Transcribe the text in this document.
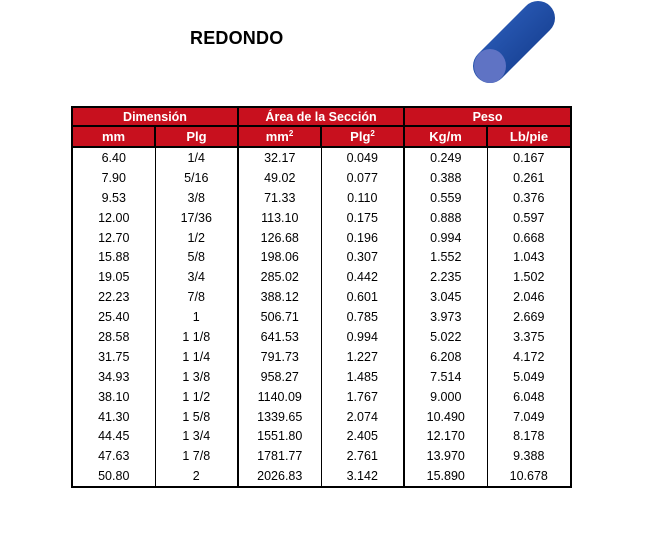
REDONDO
Dimensión		Área de la Sección		Peso	
mm	Plg	$mm^2$	Plg$^2$	Kg/m	Lb/pie
6.40	1/4	32.17	0.049	0.249	0.167
7.90	5/16	49.02	0.077	0.388	0.261
9.53	3/8	71.33	0.110	0.559	0.376
12.00	17/36	113.10	0.175	0.888	0.597
12.70	1/2	126.68	0.196	0.994	0.668
15.88	5/8	198.06	0.307	1.552	1.043
19.05	3/4	285.02	0.442	2.235	1.502
22.23	7/8	388.12	0.601	3.045	2.046
25.40	1	506.71	0.785	3.973	2.669
28.58	1 1/8	641.53	0.994	5.022	3.375
31.75	1 1/4	791.73	1.227	6.208	4.172
34.93	1 3/8	958.27	1.485	7.514	5.049
38.10	1 1/2	1140.09	1.767	9.000	6.048
41.30	1 5/8	1339.65	2.074	10.490	7.049
44.45	1 3/4	1551.80	2.405	12.170	8.178
47.63	1 7/8	1781.77	2.761	13.970	9.388
50.80	2	2026.83	3.142	15.890	10.678
